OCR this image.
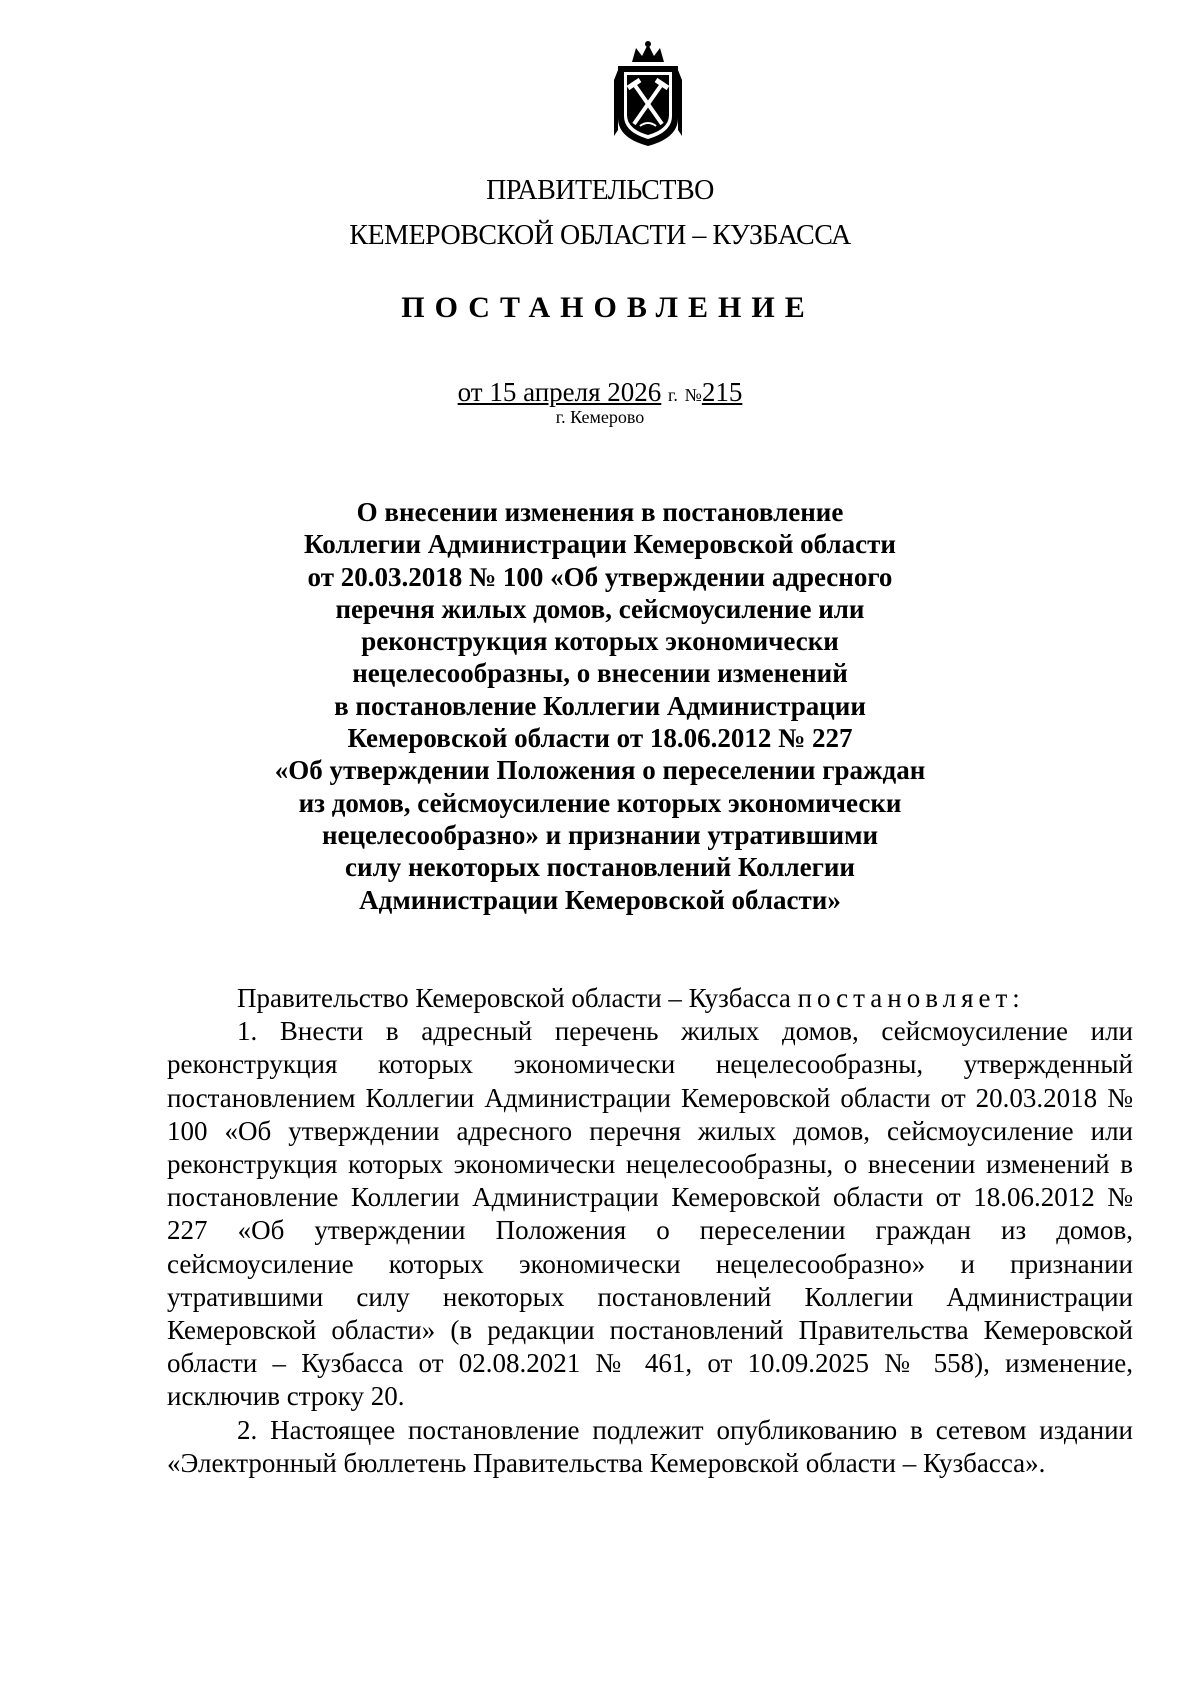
ПРАВИТЕЛЬСТВО
КЕМЕРОВСКОЙ ОБЛАСТИ – КУЗБАССА
ПОСТАНОВЛЕНИЕ
от 15 апреля 2026 г. №215
г. Кемерово
О внесении изменения в постановление
Коллегии Администрации Кемеровской области
от 20.03.2018 № 100 «Об утверждении адресного
перечня жилых домов, сейсмоусиление или
реконструкция которых экономически
нецелесообразны, о внесении изменений
в постановление Коллегии Администрации
Кемеровской области от 18.06.2012 № 227
«Об утверждении Положения о переселении граждан
из домов, сейсмоусиление которых экономически
нецелесообразно» и признании утратившими
силу некоторых постановлений Коллегии
Администрации Кемеровской области»

Правительство Кемеровской области – Кузбасса постановляет:

1. Внести в адресный перечень жилых домов, сейсмоусиление или реконструкция которых экономически нецелесообразны, утвержденный постановлением Коллегии Администрации Кемеровской области от 20.03.2018 № 100 «Об утверждении адресного перечня жилых домов, сейсмоусиление или реконструкция которых экономически нецелесообразны, о внесении изменений в постановление Коллегии Администрации Кемеровской области от 18.06.2012 № 227 «Об утверждении Положения о переселении граждан из домов, сейсмоусиление которых экономически нецелесообразно» и признании утратившими силу некоторых постановлений Коллегии Администрации Кемеровской области» (в редакции постановлений Правительства Кемеровской области – Кузбасса от 02.08.2021 № 461, от 10.09.2025 № 558), изменение, исключив строку 20.

2. Настоящее постановление подлежит опубликованию в сетевом издании «Электронный бюллетень Правительства Кемеровской области – Кузбасса».
